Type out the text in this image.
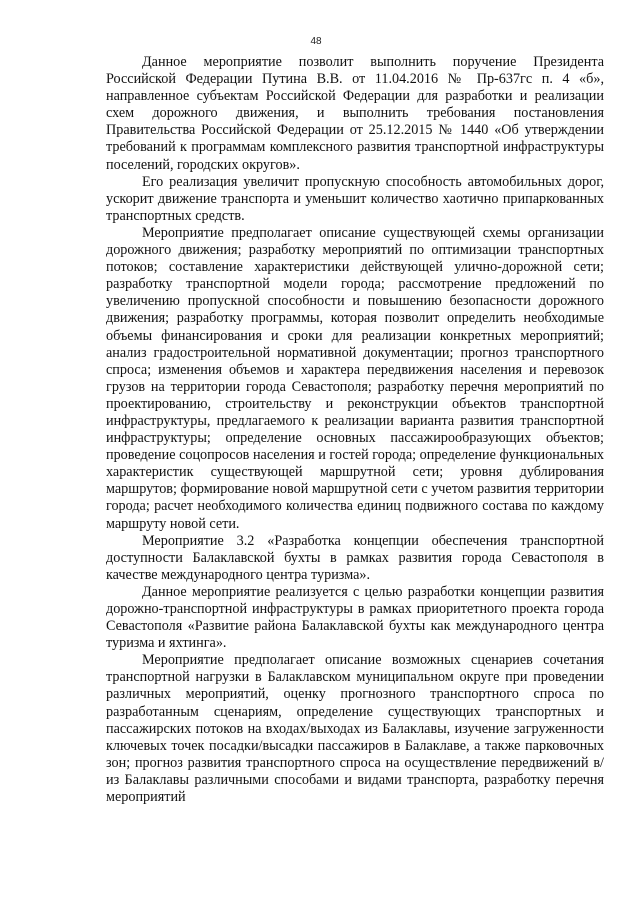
48

Данное мероприятие позволит выполнить поручение Президента Российской Федерации Путина В.В. от 11.04.2016 № Пр-637гс п. 4 «б», направленное субъектам Российской Федерации для разработки и реализации схем дорожного движения, и выполнить требования постановления Правительства Российской Федерации от 25.12.2015 № 1440 «Об утверждении требований к программам комплексного развития транспортной инфраструктуры поселений, городских округов».

Его реализация увеличит пропускную способность автомобильных дорог, ускорит движение транспорта и уменьшит количество хаотично припаркованных транспортных средств.

Мероприятие предполагает описание существующей схемы организации дорожного движения; разработку мероприятий по оптимизации транспортных потоков; составление характеристики действующей улично-дорожной сети; разработку транспортной модели города; рассмотрение предложений по увеличению пропускной способности и повышению безопасности дорожного движения; разработку программы, которая позволит определить необходимые объемы финансирования и сроки для реализации конкретных мероприятий; анализ градостроительной нормативной документации; прогноз транспортного спроса; изменения объемов и характера передвижения населения и перевозок грузов на территории города Севастополя; разработку перечня мероприятий по проектированию, строительству и реконструкции объектов транспортной инфраструктуры, предлагаемого к реализации варианта развития транспортной инфраструктуры; определение основных пассажирообразующих объектов; проведение соцопросов населения и гостей города; определение функциональных характеристик существующей маршрутной сети; уровня дублирования маршрутов; формирование новой маршрутной сети с учетом развития территории города; расчет необходимого количества единиц подвижного состава по каждому маршруту новой сети.

Мероприятие 3.2 «Разработка концепции обеспечения транспортной доступности Балаклавской бухты в рамках развития города Севастополя в качестве международного центра туризма».

Данное мероприятие реализуется с целью разработки концепции развития дорожно-транспортной инфраструктуры в рамках приоритетного проекта города Севастополя «Развитие района Балаклавской бухты как международного центра туризма и яхтинга».

Мероприятие предполагает описание возможных сценариев сочетания транспортной нагрузки в Балаклавском муниципальном округе при проведении различных мероприятий, оценку прогнозного транспортного спроса по разработанным сценариям, определение существующих транспортных и пассажирских потоков на входах/выходах из Балаклавы, изучение загруженности ключевых точек посадки/высадки пассажиров в Балаклаве, а также парковочных зон; прогноз развития транспортного спроса на осуществление передвижений в/из Балаклавы различными способами и видами транспорта, разработку перечня мероприятий
